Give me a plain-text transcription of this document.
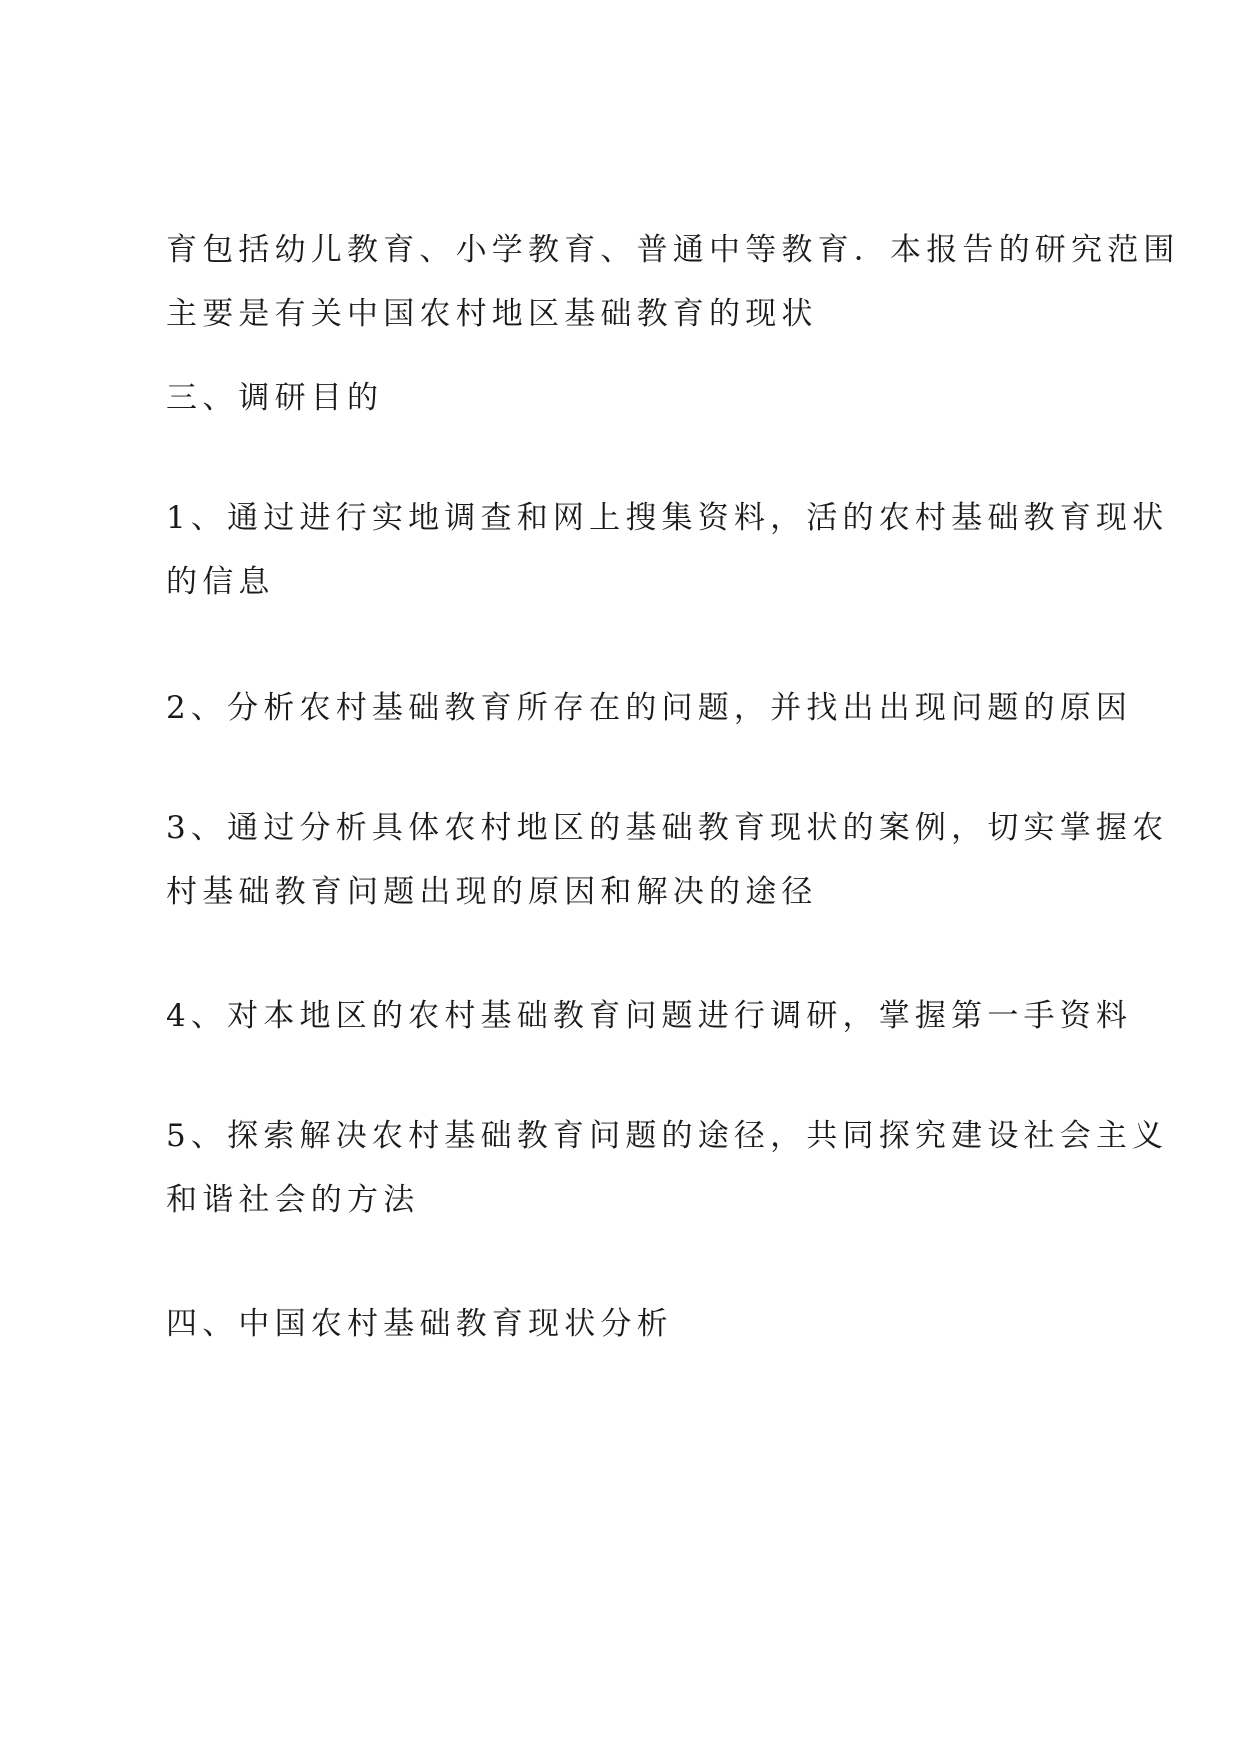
育包括幼儿教育、小学教育、普通中等教育．本报告的研究范围
主要是有关中国农村地区基础教育的现状
三、调研目的
1、通过进行实地调查和网上搜集资料，活的农村基础教育现状
的信息
2、分析农村基础教育所存在的问题，并找出出现问题的原因
3、通过分析具体农村地区的基础教育现状的案例，切实掌握农
村基础教育问题出现的原因和解决的途径
4、对本地区的农村基础教育问题进行调研，掌握第一手资料
5、探索解决农村基础教育问题的途径，共同探究建设社会主义
和谐社会的方法
四、中国农村基础教育现状分析
